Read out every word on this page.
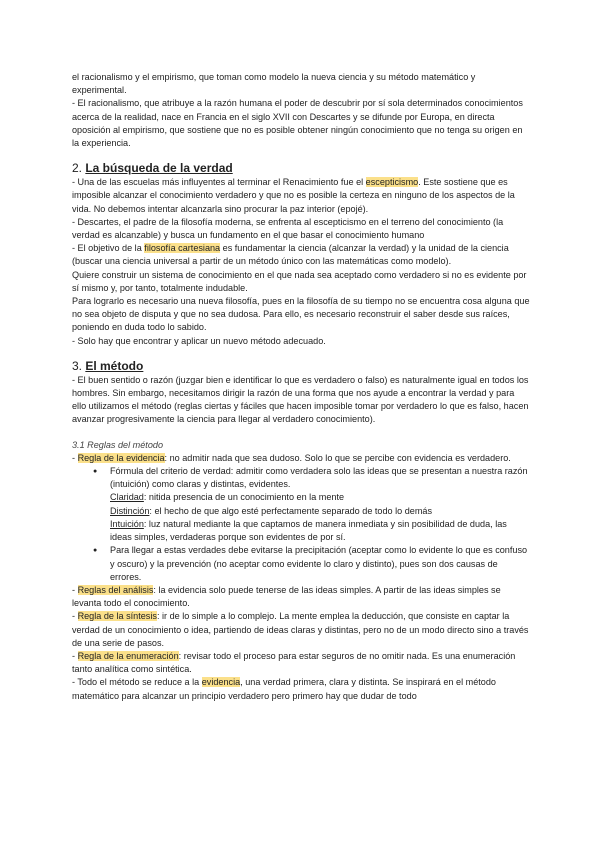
el racionalismo y el empirismo, que toman como modelo la nueva ciencia y su método matemático y experimental.

- El racionalismo, que atribuye a la razón humana el poder de descubrir por sí sola determinados conocimientos acerca de la realidad, nace en Francia en el siglo XVII con Descartes y se difunde por Europa, en directa oposición al empirismo, que sostiene que no es posible obtener ningún conocimiento que no tenga su origen en la experiencia.

2. La búsqueda de la verdad

- Una de las escuelas más influyentes al terminar el Renacimiento fue el escepticismo. Este sostiene que es imposible alcanzar el conocimiento verdadero y que no es posible la certeza en ninguno de los aspectos de la vida. No debemos intentar alcanzarla sino procurar la paz interior (epojé).

- Descartes, el padre de la filosofía moderna, se enfrenta al escepticismo en el terreno del conocimiento (la verdad es alcanzable) y busca un fundamento en el que basar el conocimiento humano

- El objetivo de la filosofía cartesiana es fundamentar la ciencia (alcanzar la verdad) y la unidad de la ciencia (buscar una ciencia universal a partir de un método único con las matemáticas como modelo).

Quiere construir un sistema de conocimiento en el que nada sea aceptado como verdadero si no es evidente por sí mismo y, por tanto, totalmente indudable.

Para lograrlo es necesario una nueva filosofía, pues en la filosofía de su tiempo no se encuentra cosa alguna que no sea objeto de disputa y que no sea dudosa. Para ello, es necesario reconstruir el saber desde sus raíces, poniendo en duda todo lo sabido.

- Solo hay que encontrar y aplicar un nuevo método adecuado.

3. El método

- El buen sentido o razón (juzgar bien e identificar lo que es verdadero o falso) es naturalmente igual en todos los hombres. Sin embargo, necesitamos dirigir la razón de una forma que nos ayude a encontrar la verdad y para ello utilizamos el método (reglas ciertas y fáciles que hacen imposible tomar por verdadero lo que es falso, hacen avanzar progresivamente la ciencia para llegar al verdadero conocimiento).

3.1 Reglas del método

- Regla de la evidencia: no admitir nada que sea dudoso. Solo lo que se percibe con evidencia es verdadero.

● Fórmula del criterio de verdad: admitir como verdadera solo las ideas que se presentan a nuestra razón (intuición) como claras y distintas, evidentes.
Claridad: nitida presencia de un conocimiento en la mente
Distinción: el hecho de que algo esté perfectamente separado de todo lo demás
Intuición: luz natural mediante la que captamos de manera inmediata y sin posibilidad de duda, las ideas simples, verdaderas porque son evidentes de por sí.
● Para llegar a estas verdades debe evitarse la precipitación (aceptar como lo evidente lo que es confuso y oscuro) y la prevención (no aceptar como evidente lo claro y distinto), pues son dos causas de errores.

- Reglas del análisis: la evidencia solo puede tenerse de las ideas simples. A partir de las ideas simples se levanta todo el conocimiento.

- Regla de la síntesis: ir de lo simple a lo complejo. La mente emplea la deducción, que consiste en captar la verdad de un conocimiento o idea, partiendo de ideas claras y distintas, pero no de un modo directo sino a través de una serie de pasos.

- Regla de la enumeración: revisar todo el proceso para estar seguros de no omitir nada. Es una enumeración tanto analítica como sintética.

- Todo el método se reduce a la evidencia, una verdad primera, clara y distinta. Se inspirará en el método matemático para alcanzar un principio verdadero pero primero hay que dudar de todo
